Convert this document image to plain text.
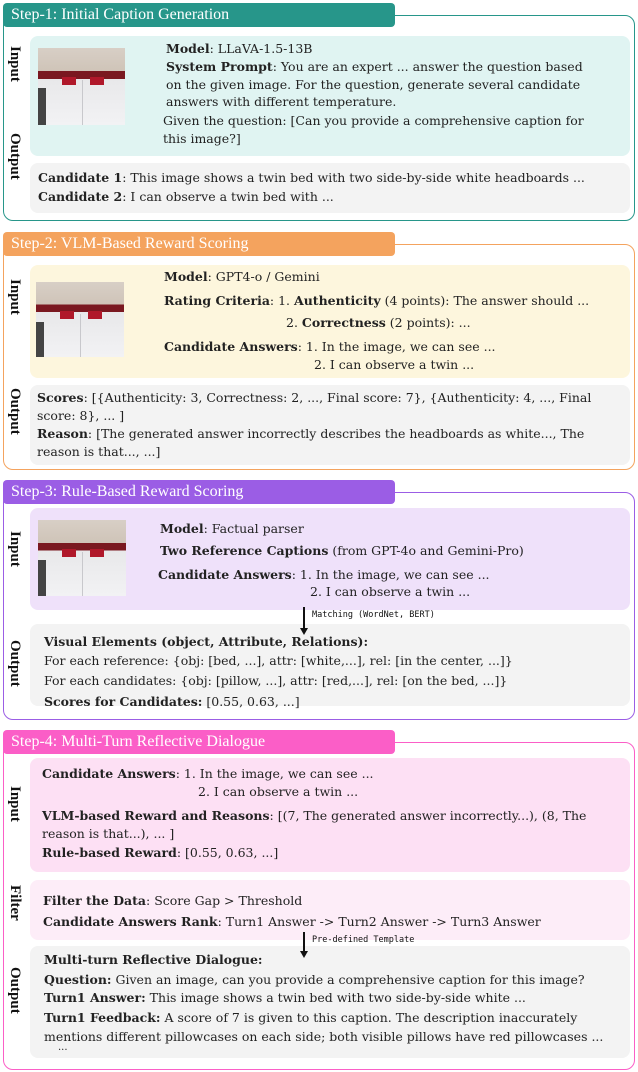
Step-1: Initial Caption Generation
Input
Output
Model: LLaVA-1.5-13B
System Prompt: You are an expert ... answer the question based
on the given image. For the question, generate several candidate
answers with different temperature.
Given the question: [Can you provide a comprehensive caption for
this image?]
Candidate 1: This image shows a twin bed with two side-by-side white headboards ...
Candidate 2: I can observe a twin bed with ...
Step-2: VLM-Based Reward Scoring
Input
Output
Model: GPT4-o / Gemini
Rating Criteria: 1. Authenticity (4 points): The answer should ...
2. Correctness (2 points): ...
Candidate Answers: 1. In the image, we can see ...
2. I can observe a twin ...
Scores: [{Authenticity: 3, Correctness: 2, ..., Final score: 7}, {Authenticity: 4, ..., Final
score: 8}, ... ]
Reason: [The generated answer incorrectly describes the headboards as white..., The
reason is that..., ...]
Step-3: Rule-Based Reward Scoring
Input
Output
Model: Factual parser
Two Reference Captions (from GPT-4o and Gemini-Pro)
Candidate Answers: 1. In the image, we can see ...
2. I can observe a twin ...
Matching (WordNet, BERT)
Visual Elements (object, Attribute, Relations):
For each reference: {obj: [bed, ...], attr: [white,...], rel: [in the center, ...]}
For each candidates: {obj: [pillow, ...], attr: [red,...], rel: [on the bed, ...]}
Scores for Candidates: [0.55, 0.63, ...]
Step-4: Multi-Turn Reflective Dialogue
Input
Filter
Output
Candidate Answers: 1. In the image, we can see ...
2. I can observe a twin ...
VLM-based Reward and Reasons: [(7, The generated answer incorrectly...), (8, The
reason is that...), ... ]
Rule-based Reward: [0.55, 0.63, ...]
Filter the Data: Score Gap > Threshold
Candidate Answers Rank: Turn1 Answer -> Turn2 Answer -> Turn3 Answer
Pre-defined Template
Multi-turn Reflective Dialogue:
Question: Given an image, can you provide a comprehensive caption for this image?
Turn1 Answer: This image shows a twin bed with two side-by-side white ...
Turn1 Feedback: A score of 7 is given to this caption. The description inaccurately
mentions different pillowcases on each side; both visible pillows have red pillowcases ...
...
